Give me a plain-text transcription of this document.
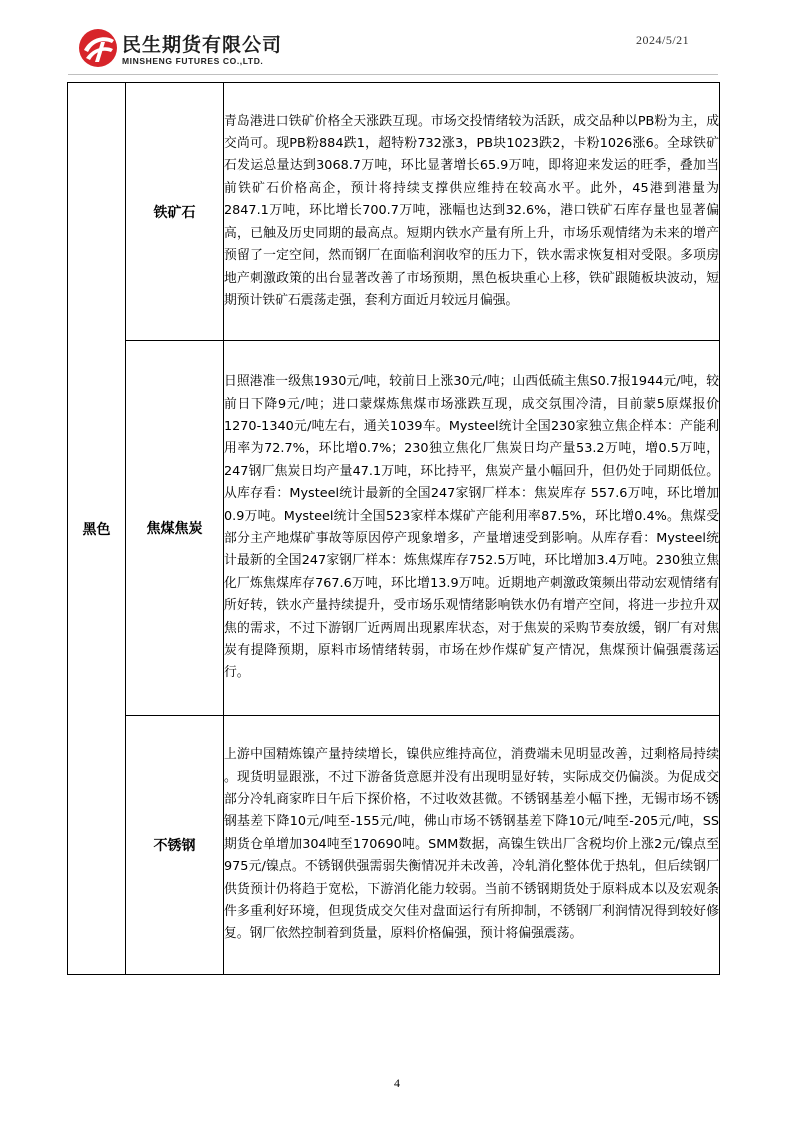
民生期货有限公司
MINSHENG FUTURES CO.,LTD.
2024/5/21
黑色	铁矿石	青岛港进口铁矿价格全天涨跌互现。市场交投情绪较为活跃，成交品种以PB粉为主，成交尚可。现PB粉884跌1，超特粉732涨3，PB块1023跌2，卡粉1026涨6。全球铁矿石发运总量达到3068.7万吨，环比显著增长65.9万吨，即将迎来发运的旺季，叠加当前铁矿石价格高企，预计将持续支撑供应维持在较高水平。此外，45港到港量为2847.1万吨，环比增长700.7万吨，涨幅也达到32.6%，港口铁矿石库存量也显著偏高，已触及历史同期的最高点。短期内铁水产量有所上升，市场乐观情绪为未来的增产预留了一定空间，然而钢厂在面临利润收窄的压力下，铁水需求恢复相对受限。多项房地产刺激政策的出台显著改善了市场预期，黑色板块重心上移，铁矿跟随板块波动，短期预计铁矿石震荡走强，套利方面近月较远月偏强。
	焦煤焦炭	日照港准一级焦1930元/吨，较前日上涨30元/吨；山西低硫主焦S0.7报1944元/吨，较前日下降9元/吨；进口蒙煤炼焦煤市场涨跌互现，成交氛围冷清，目前蒙5原煤报价1270-1340元/吨左右，通关1039车。Mysteel统计全国230家独立焦企样本：产能利用率为72.7%，环比增0.7%；230独立焦化厂焦炭日均产量53.2万吨，增0.5万吨，247钢厂焦炭日均产量47.1万吨，环比持平，焦炭产量小幅回升，但仍处于同期低位。从库存看：Mysteel统计最新的全国247家钢厂样本：焦炭库存 557.6万吨，环比增加0.9万吨。Mysteel统计全国523家样本煤矿产能利用率87.5%，环比增0.4%。焦煤受部分主产地煤矿事故等原因停产现象增多，产量增速受到影响。从库存看：Mysteel统计最新的全国247家钢厂样本：炼焦煤库存752.5万吨，环比增加3.4万吨。230独立焦化厂炼焦煤库存767.6万吨，环比增13.9万吨。近期地产刺激政策频出带动宏观情绪有所好转，铁水产量持续提升，受市场乐观情绪影响铁水仍有增产空间，将进一步拉升双焦的需求，不过下游钢厂近两周出现累库状态，对于焦炭的采购节奏放缓，钢厂有对焦炭有提降预期，原料市场情绪转弱，市场在炒作煤矿复产情况，焦煤预计偏强震荡运行。
	不锈钢	上游中国精炼镍产量持续增长，镍供应维持高位，消费端未见明显改善，过剩格局持续 。现货明显跟涨，不过下游备货意愿并没有出现明显好转，实际成交仍偏淡。为促成交部分冷轧商家昨日午后下探价格，不过收效甚微。不锈钢基差小幅下挫，无锡市场不锈钢基差下降10元/吨至-155元/吨，佛山市场不锈钢基差下降10元/吨至-205元/吨，SS期货仓单增加304吨至170690吨。SMM数据，高镍生铁出厂含税均价上涨2元/镍点至975元/镍点。不锈钢供强需弱失衡情况并未改善，冷轧消化整体优于热轧，但后续钢厂供货预计仍将趋于宽松，下游消化能力较弱。当前不锈钢期货处于原料成本以及宏观条件多重利好环境，但现货成交欠佳对盘面运行有所抑制，不锈钢厂利润情况得到较好修复。钢厂依然控制着到货量，原料价格偏强，预计将偏强震荡。
4
